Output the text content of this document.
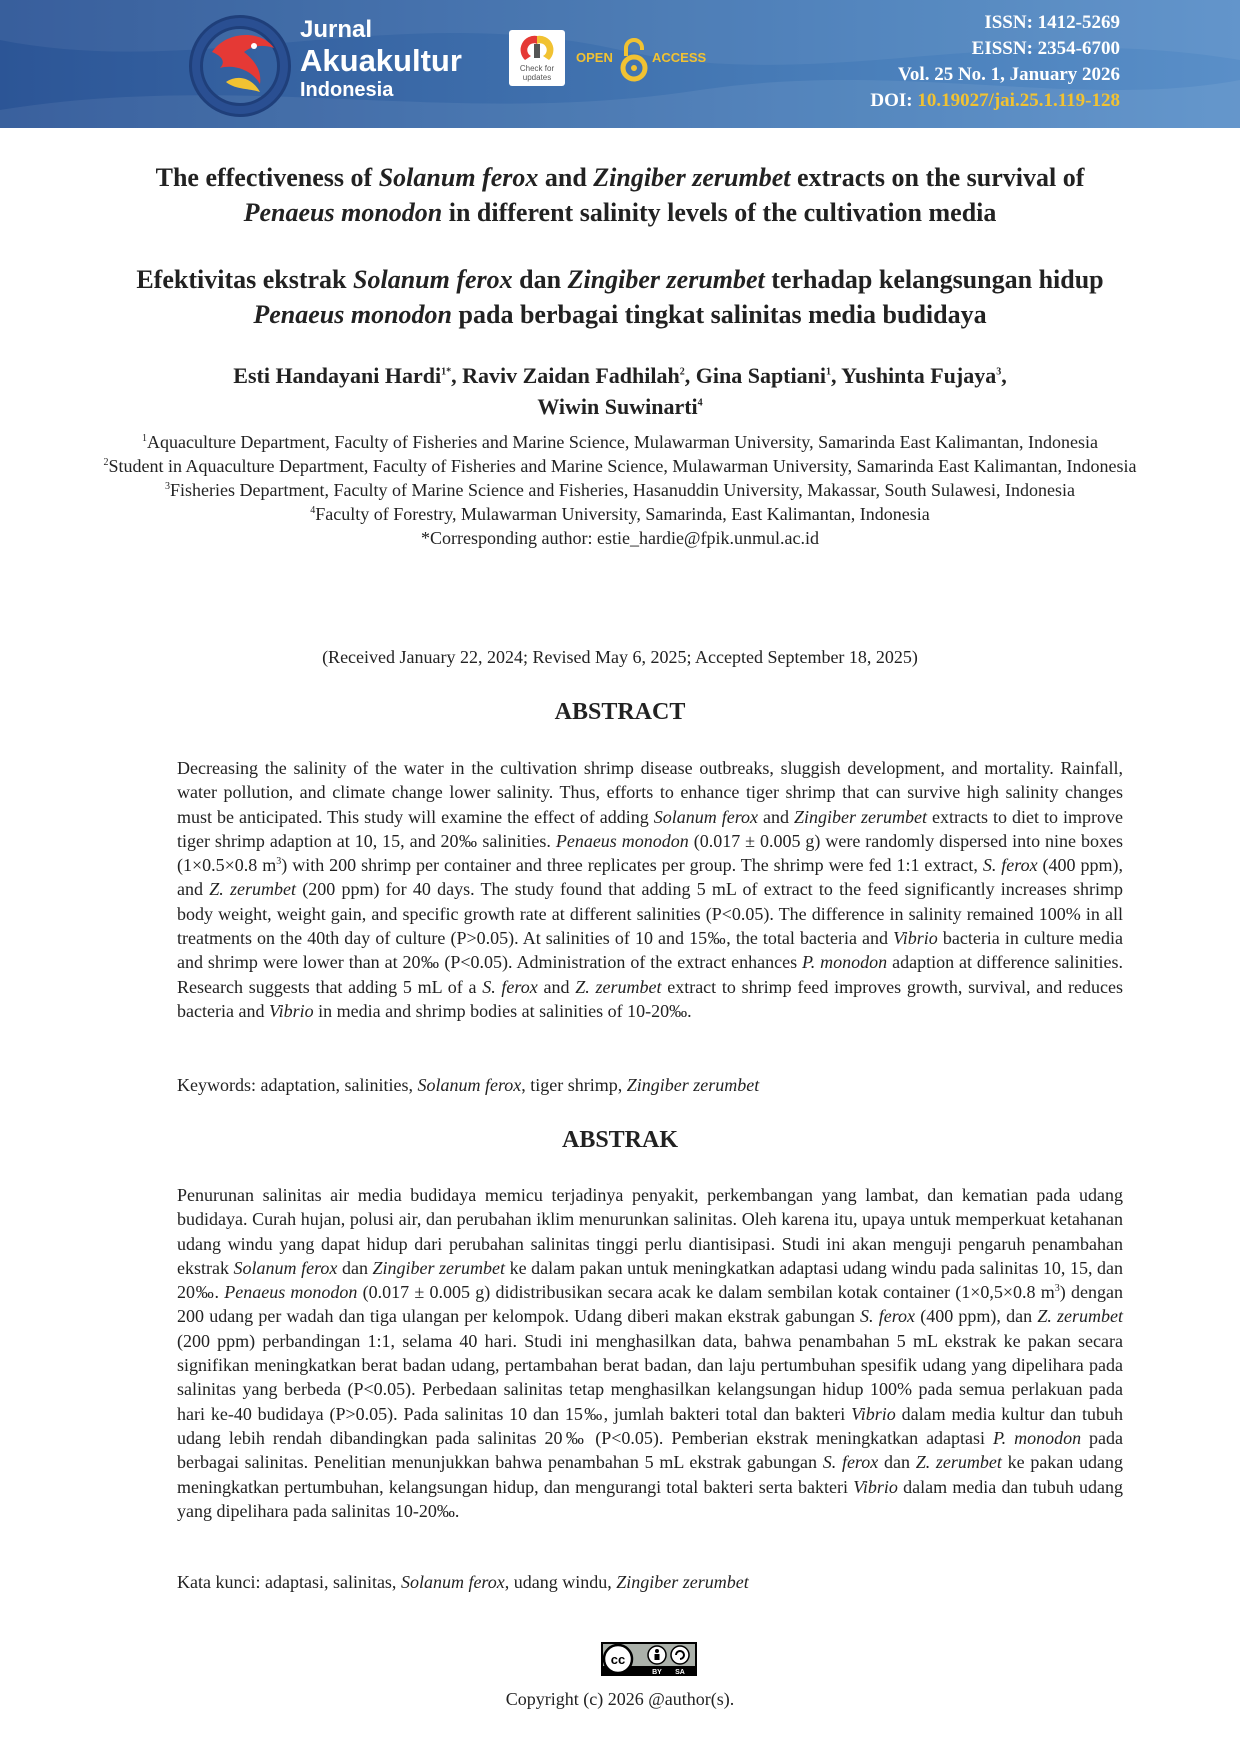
Jurnal
Akuakultur
Indonesia
Check for updates
OPEN	ACCESS
ISSN: 1412-5269
EISSN: 2354-6700
Vol. 25 No. 1, January 2026
DOI: 10.19027/jai.25.1.119-128
The effectiveness of Solanum ferox and Zingiber zerumbet extracts on the survival of
Penaeus monodon in different salinity levels of the cultivation media
Efektivitas ekstrak Solanum ferox dan Zingiber zerumbet terhadap kelangsungan hidup
Penaeus monodon pada berbagai tingkat salinitas media budidaya
Esti Handayani Hardi$^{1*}$, Raviv Zaidan Fadhilah$^2$, Gina Saptiani$^1$, Yushinta Fujaya$^3$,
Wiwin Suwinarti$^4$

$^1$Aquaculture Department, Faculty of Fisheries and Marine Science, Mulawarman University, Samarinda East Kalimantan, Indonesia

$^2$Student in Aquaculture Department, Faculty of Fisheries and Marine Science, Mulawarman University, Samarinda East Kalimantan, Indonesia

$^3$Fisheries Department, Faculty of Marine Science and Fisheries, Hasanuddin University, Makassar, South Sulawesi, Indonesia

$^4$Faculty of Forestry, Mulawarman University, Samarinda, East Kalimantan, Indonesia

*Corresponding author: estie_hardie@fpik.unmul.ac.id

(Received January 22, 2024; Revised May 6, 2025; Accepted September 18, 2025)
ABSTRACT

Decreasing the salinity of the water in the cultivation shrimp disease outbreaks, sluggish development, and mortality. Rainfall, water pollution, and climate change lower salinity. Thus, efforts to enhance tiger shrimp that can survive high salinity changes must be anticipated. This study will examine the effect of adding Solanum ferox and Zingiber zerumbet extracts to diet to improve tiger shrimp adaption at 10, 15, and 20‰ salinities. Penaeus monodon (0.017 ± 0.005 g) were randomly dispersed into nine boxes (1×0.5×0.8 $m^3$) with 200 shrimp per container and three replicates per group. The shrimp were fed 1:1 extract, S. ferox (400 ppm), and Z. zerumbet (200 ppm) for 40 days. The study found that adding 5 mL of extract to the feed significantly increases shrimp body weight, weight gain, and specific growth rate at different salinities (P<0.05). The difference in salinity remained 100% in all treatments on the 40th day of culture (P>0.05). At salinities of 10 and 15‰, the total bacteria and Vibrio bacteria in culture media and shrimp were lower than at 20‰ (P<0.05). Administration of the extract enhances P. monodon adaption at difference salinities. Research suggests that adding 5 mL of a S. ferox and Z. zerumbet extract to shrimp feed improves growth, survival, and reduces bacteria and Vibrio in media and shrimp bodies at salinities of 10-20‰.

Keywords: adaptation, salinities, Solanum ferox, tiger shrimp, Zingiber zerumbet
ABSTRAK

Penurunan salinitas air media budidaya memicu terjadinya penyakit, perkembangan yang lambat, dan kematian pada udang budidaya. Curah hujan, polusi air, dan perubahan iklim menurunkan salinitas. Oleh karena itu, upaya untuk memperkuat ketahanan udang windu yang dapat hidup dari perubahan salinitas tinggi perlu diantisipasi. Studi ini akan menguji pengaruh penambahan ekstrak Solanum ferox dan Zingiber zerumbet ke dalam pakan untuk meningkatkan adaptasi udang windu pada salinitas 10, 15, dan 20‰. Penaeus monodon (0.017 ± 0.005 g) didistribusikan secara acak ke dalam sembilan kotak container (1×0,5×0.8 $m^3$) dengan 200 udang per wadah dan tiga ulangan per kelompok. Udang diberi makan ekstrak gabungan S. ferox (400 ppm), dan Z. zerumbet (200 ppm) perbandingan 1:1, selama 40 hari. Studi ini menghasilkan data, bahwa penambahan 5 mL ekstrak ke pakan secara signifikan meningkatkan berat badan udang, pertambahan berat badan, dan laju pertumbuhan spesifik udang yang dipelihara pada salinitas yang berbeda (P<0.05). Perbedaan salinitas tetap menghasilkan kelangsungan hidup 100% pada semua perlakuan pada hari ke-40 budidaya (P>0.05). Pada salinitas 10 dan 15‰, jumlah bakteri total dan bakteri Vibrio dalam media kultur dan tubuh udang lebih rendah dibandingkan pada salinitas 20‰ (P<0.05). Pemberian ekstrak meningkatkan adaptasi P. monodon pada berbagai salinitas. Penelitian menunjukkan bahwa penambahan 5 mL ekstrak gabungan S. ferox dan Z. zerumbet ke pakan udang meningkatkan pertumbuhan, kelangsungan hidup, dan mengurangi total bakteri serta bakteri Vibrio dalam media dan tubuh udang yang dipelihara pada salinitas 10-20‰.

Kata kunci: adaptasi, salinitas, Solanum ferox, udang windu, Zingiber zerumbet
cc
BY SA
Copyright (c) 2026 @author(s).
